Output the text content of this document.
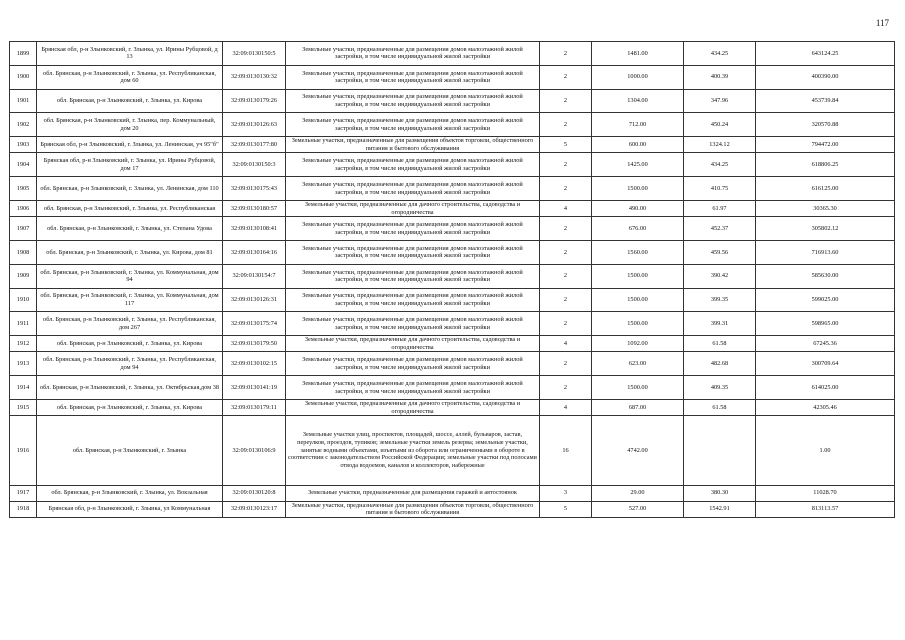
117
1899	Брянская обл, р-н Злынковский, г. Злынка, ул. Ирины Рубцовой, д 13	32:09:0130150:5	Земельные участки, предназначенные для размещения домов малоэтажной жилой застройки, в том числе индивидуальной жилой застройки	2	1481.00	434.25	643124.25
1900	обл. Брянская, р-н Злынковский, г. Злынка, ул. Республиканская, дом 60	32:09:0130130:32	Земельные участки, предназначенные для размещения домов малоэтажной жилой застройки, в том числе индивидуальной жилой застройки	2	1000.00	400.39	400390.00
1901	обл. Брянская, р-н Злынковский, г. Злынка, ул. Кирова	32:09:0130179:26	Земельные участки, предназначенные для размещения домов малоэтажной жилой застройки, в том числе индивидуальной жилой застройки	2	1304.00	347.96	453739.84
1902	обл. Брянская, р-н Злынковский, г. Злынка, пер. Коммунальный, дом 20	32:09:0130126:63	Земельные участки, предназначенные для размещения домов малоэтажной жилой застройки, в том числе индивидуальной жилой застройки	2	712.00	450.24	320570.88
1903	Брянская обл, р-н Злынковский, г. Злынка, ул. Ленинская, уч 95"б"	32:09:0130177:80	Земельные участки, предназначенные для размещения объектов торговли, общественного питания и бытового обслуживания	5	600.00	1324.12	794472.00
1904	Брянская обл, р-н Злынковский, г. Злынка, ул. Ирины Рубцовой, дом 17	32:09:0130150:3	Земельные участки, предназначенные для размещения домов малоэтажной жилой застройки, в том числе индивидуальной жилой застройки	2	1425.00	434.25	618806.25
1905	обл. Брянская, р-н Злынковский, г. Злынка, ул. Ленинская, дом 110	32:09:0130175:43	Земельные участки, предназначенные для размещения домов малоэтажной жилой застройки, в том числе индивидуальной жилой застройки	2	1500.00	410.75	616125.00
1906	обл. Брянская, р-н Злынковский, г. Злынка, ул. Республиканская	32:09:0130180:57	Земельные участки, предназначенные для дачного строительства, садоводства и огородничества	4	490.00	61.97	30365.30
1907	обл. Брянская, р-н Злынковский, г. Злынка, ул. Степана Удова	32:09:0130108:41	Земельные участки, предназначенные для размещения домов малоэтажной жилой застройки, в том числе индивидуальной жилой застройки	2	676.00	452.37	305802.12
1908	обл. Брянская, р-н Злынковский, г. Злынка, ул. Кирова, дом 81	32:09:0130164:16	Земельные участки, предназначенные для размещения домов малоэтажной жилой застройки, в том числе индивидуальной жилой застройки	2	1560.00	459.56	716913.60
1909	обл. Брянская, р-н Злынковский, г. Злынка, ул. Коммунальная, дом 94	32:09:0130154:7	Земельные участки, предназначенные для размещения домов малоэтажной жилой застройки, в том числе индивидуальной жилой застройки	2	1500.00	390.42	585630.00
1910	обл. Брянская, р-н Злынковский, г. Злынка, ул. Коммунальная, дом 117	32:09:0130126:31	Земельные участки, предназначенные для размещения домов малоэтажной жилой застройки, в том числе индивидуальной жилой застройки	2	1500.00	399.35	599025.00
1911	обл. Брянская, р-н Злынковский, г. Злынка, ул. Республиканская, дом 267	32:09:0130175:74	Земельные участки, предназначенные для размещения домов малоэтажной жилой застройки, в том числе индивидуальной жилой застройки	2	1500.00	399.31	598965.00
1912	обл. Брянская, р-н Злынковский, г. Злынка, ул. Кирова	32:09:0130179:50	Земельные участки, предназначенные для дачного строительства, садоводства и огородничества	4	1092.00	61.58	67245.36
1913	обл. Брянская, р-н Злынковский, г. Злынка, ул. Республиканская, дом 94	32:09:0130102:15	Земельные участки, предназначенные для размещения домов малоэтажной жилой застройки, в том числе индивидуальной жилой застройки	2	623.00	482.68	300709.64
1914	обл. Брянская, р-н Злынковский, г. Злынка, ул. Октябрьская,дом 38	32:09:0130141:19	Земельные участки, предназначенные для размещения домов малоэтажной жилой застройки, в том числе индивидуальной жилой застройки	2	1500.00	409.35	614025.00
1915	обл. Брянская, р-н Злынковский, г. Злынка, ул. Кирова	32:09:0130179:11	Земельные участки, предназначенные для дачного строительства, садоводства и огородничества	4	687.00	61.58	42305.46
1916	обл. Брянская, р-н Злынковский, г. Злынка	32:09:0130106:9	Земельные участки улиц, проспектов, площадей, шоссе, аллей, бульваров, застав, переулков, проездов, тупиков; земельные участки земель резерва; земельные участки, занятые водными объектами, изъятыми из оборота или ограниченными в обороте в соответствии с законодательством Российской Федерации; земельные участки под полосами отвода водоемов, каналов и коллекторов, набережные	16	4742.00		1.00
1917	обл. Брянская, р-н Злынковский, г. Злынка, ул. Вокзальная	32:09:0130120:8	Земельные участки, предназначенные для размещения гаражей и автостоянок	3	29.00	380.30	11028.70
1918	Брянская обл, р-н Злынковский, г. Злынка, ул Коммунальная	32:09:0130123:17	Земельные участки, предназначенные для размещения объектов торговли, общественного питания и бытового обслуживания	5	527.00	1542.91	813113.57
